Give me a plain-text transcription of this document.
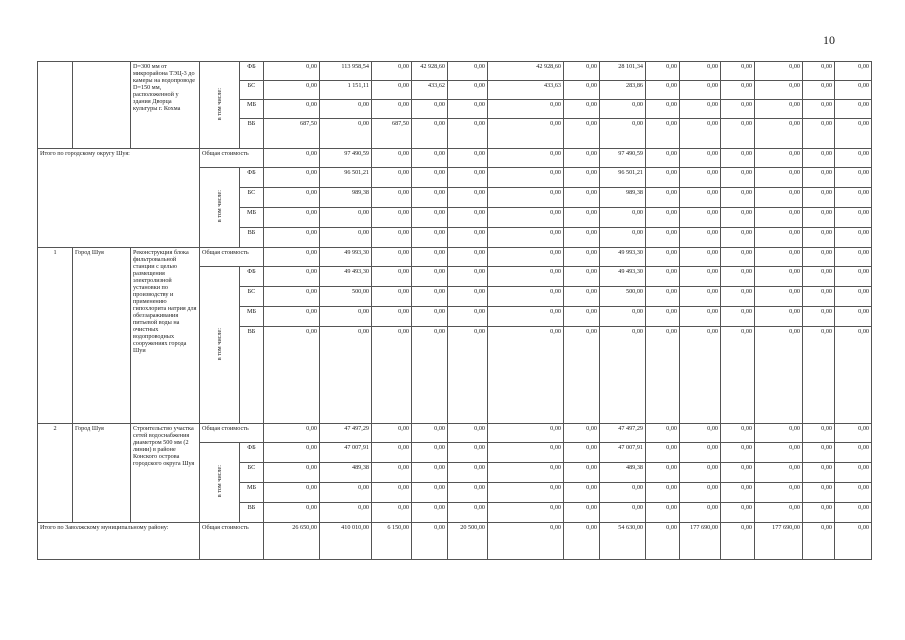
10
		D=300 мм от микрорайона ТЭЦ-3 до камеры на водопроводе D=150 мм, расположенной у здания Дворца культуры г. Кохма	в том числе:	ФБ	0,00	113 958,54	0,00	42 928,60	0,00	42 928,60	0,00	28 101,34	0,00	0,00	0,00	0,00	0,00	0,00
				БС	0,00	1 151,11	0,00	433,62	0,00	433,63	0,00	283,86	0,00	0,00	0,00	0,00	0,00	0,00
				МБ	0,00	0,00	0,00	0,00	0,00	0,00	0,00	0,00	0,00	0,00	0,00	0,00	0,00	0,00
				ВБ	687,50	0,00	687,50	0,00	0,00	0,00	0,00	0,00	0,00	0,00	0,00	0,00	0,00	0,00
Итого по городскому округу Шуя:			Общая стоимость		0,00	97 490,59	0,00	0,00	0,00	0,00	0,00	97 490,59	0,00	0,00	0,00	0,00	0,00	0,00
			в том числе:	ФБ	0,00	96 501,21	0,00	0,00	0,00	0,00	0,00	96 501,21	0,00	0,00	0,00	0,00	0,00	0,00
				БС	0,00	989,38	0,00	0,00	0,00	0,00	0,00	989,38	0,00	0,00	0,00	0,00	0,00	0,00
				МБ	0,00	0,00	0,00	0,00	0,00	0,00	0,00	0,00	0,00	0,00	0,00	0,00	0,00	0,00
				ВБ	0,00	0,00	0,00	0,00	0,00	0,00	0,00	0,00	0,00	0,00	0,00	0,00	0,00	0,00
1	Город Шуя	Реконструкция блока фильтровальной станции с целью размещения электролизной установки по производству и применению гипохлорита натрия для обеззараживания питьевой воды на очистных водопроводных сооружениях города Шуи	Общая стоимость		0,00	49 993,30	0,00	0,00	0,00	0,00	0,00	49 993,30	0,00	0,00	0,00	0,00	0,00	0,00
			в том числе:	ФБ	0,00	49 493,30	0,00	0,00	0,00	0,00	0,00	49 493,30	0,00	0,00	0,00	0,00	0,00	0,00
				БС	0,00	500,00	0,00	0,00	0,00	0,00	0,00	500,00	0,00	0,00	0,00	0,00	0,00	0,00
				МБ	0,00	0,00	0,00	0,00	0,00	0,00	0,00	0,00	0,00	0,00	0,00	0,00	0,00	0,00
				ВБ	0,00	0,00	0,00	0,00	0,00	0,00	0,00	0,00	0,00	0,00	0,00	0,00	0,00	0,00
2	Город Шуя	Строительство участка сетей водоснабжения диаметром 500 мм (2 линии) в районе Конского острова городского округа Шуя	Общая стоимость		0,00	47 497,29	0,00	0,00	0,00	0,00	0,00	47 497,29	0,00	0,00	0,00	0,00	0,00	0,00
			в том числе:	ФБ	0,00	47 007,91	0,00	0,00	0,00	0,00	0,00	47 007,91	0,00	0,00	0,00	0,00	0,00	0,00
				БС	0,00	489,38	0,00	0,00	0,00	0,00	0,00	489,38	0,00	0,00	0,00	0,00	0,00	0,00
				МБ	0,00	0,00	0,00	0,00	0,00	0,00	0,00	0,00	0,00	0,00	0,00	0,00	0,00	0,00
				ВБ	0,00	0,00	0,00	0,00	0,00	0,00	0,00	0,00	0,00	0,00	0,00	0,00	0,00	0,00
Итого по Заволжскому муниципальному району:			Общая стоимость		26 650,00	410 010,00	6 150,00	0,00	20 500,00	0,00	0,00	54 630,00	0,00	177 690,00	0,00	177 690,00	0,00	0,00
